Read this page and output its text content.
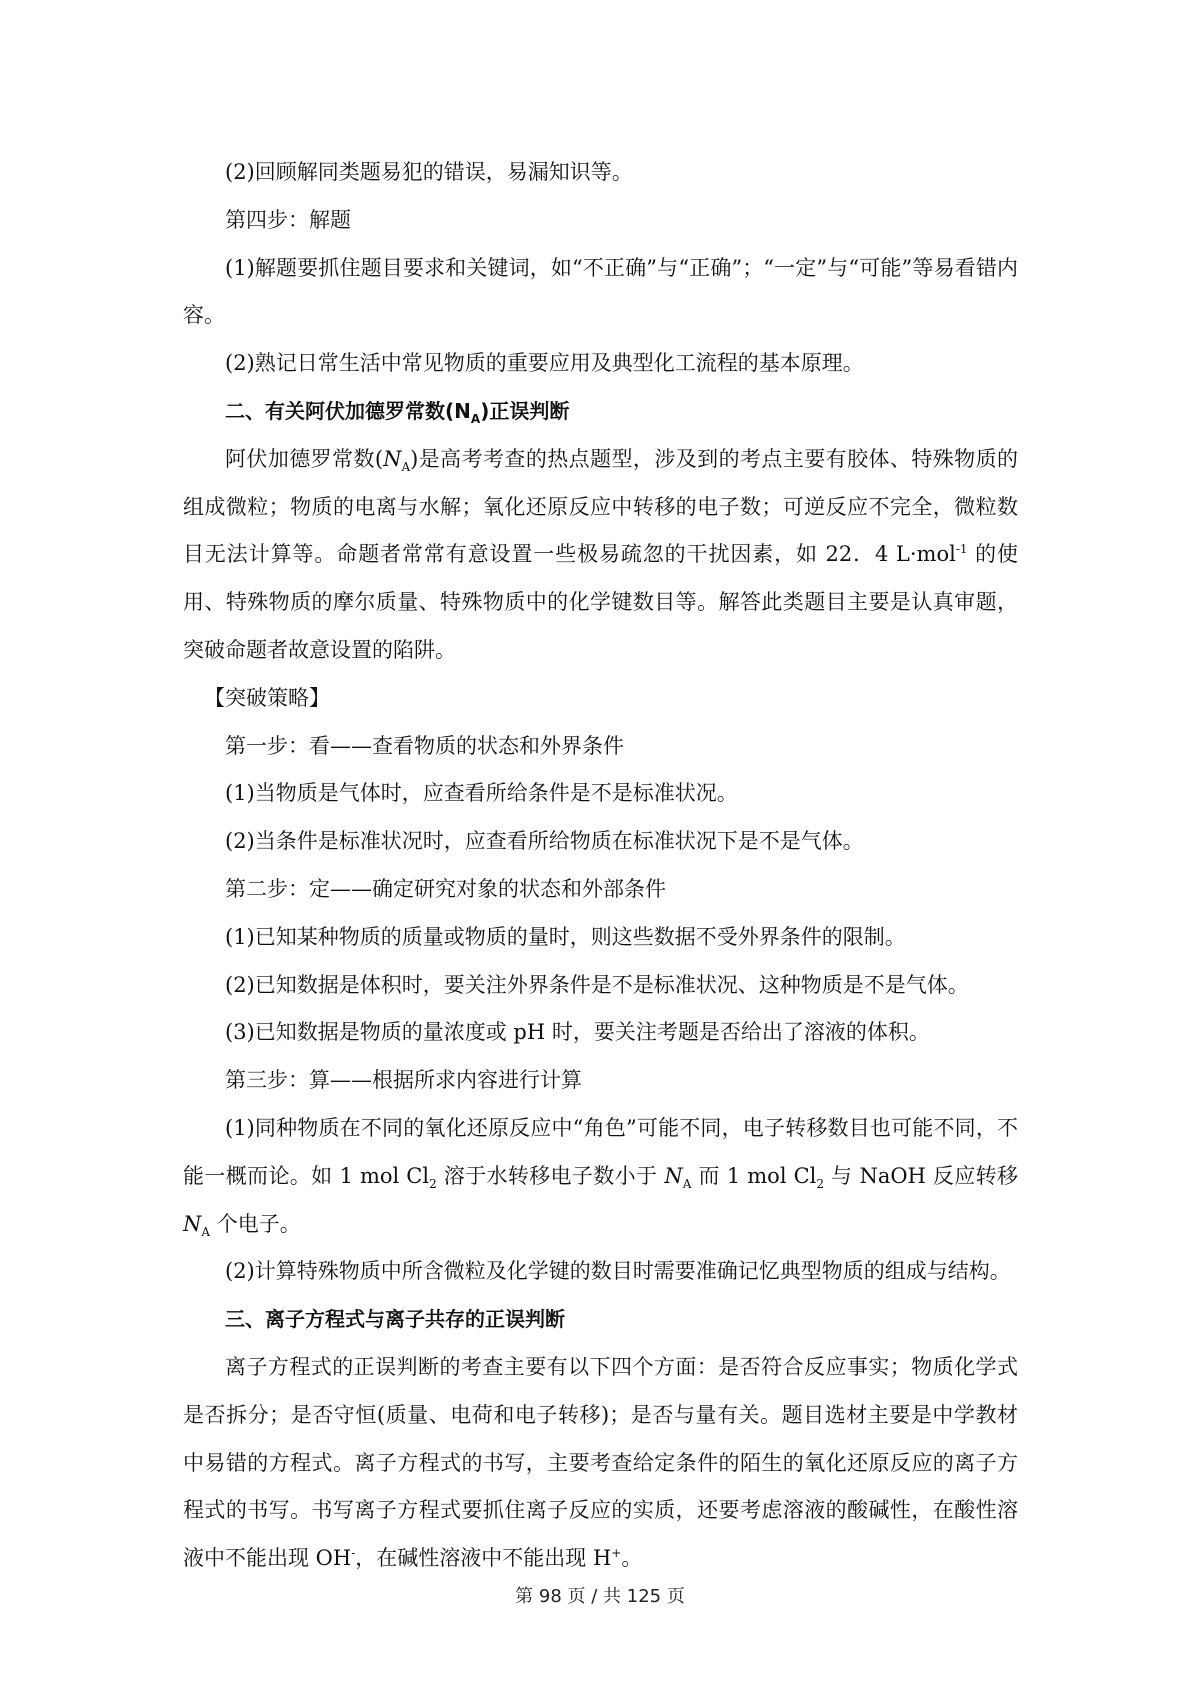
(2)回顾解同类题易犯的错误，易漏知识等。

第四步：解题

(1)解题要抓住题目要求和关键词，如“不正确”与“正确”；“一定”与“可能”等易看错内容。

(2)熟记日常生活中常见物质的重要应用及典型化工流程的基本原理。

二、有关阿伏加德罗常数$(N_A)$正误判断

阿伏加德罗常数$(N_A)$是高考考查的热点题型，涉及到的考点主要有胶体、特殊物质的组成微粒；物质的电离与水解；氧化还原反应中转移的电子数；可逆反应不完全，微粒数目无法计算等。命题者常常有意设置一些极易疏忽的干扰因素，如 22．4 L·mol$^{-1}$ 的使用、特殊物质的摩尔质量、特殊物质中的化学键数目等。解答此类题目主要是认真审题，突破命题者故意设置的陷阱。

【突破策略】

第一步：看——查看物质的状态和外界条件

(1)当物质是气体时，应查看所给条件是不是标准状况。

(2)当条件是标准状况时，应查看所给物质在标准状况下是不是气体。

第二步：定——确定研究对象的状态和外部条件

(1)已知某种物质的质量或物质的量时，则这些数据不受外界条件的限制。

(2)已知数据是体积时，要关注外界条件是不是标准状况、这种物质是不是气体。

(3)已知数据是物质的量浓度或 pH 时，要关注考题是否给出了溶液的体积。

第三步：算——根据所求内容进行计算

(1)同种物质在不同的氧化还原反应中“角色”可能不同，电子转移数目也可能不同，不能一概而论。如 1 mol $Cl_2$ 溶于水转移电子数小于 $N_A$ 而 1 mol $Cl_2$ 与 NaOH 反应转移 $N_A$ 个电子。

(2)计算特殊物质中所含微粒及化学键的数目时需要准确记忆典型物质的组成与结构。

三、离子方程式与离子共存的正误判断

离子方程式的正误判断的考查主要有以下四个方面：是否符合反应事实；物质化学式是否拆分；是否守恒(质量、电荷和电子转移)；是否与量有关。题目选材主要是中学教材中易错的方程式。离子方程式的书写，主要考查给定条件的陌生的氧化还原反应的离子方程式的书写。书写离子方程式要抓住离子反应的实质，还要考虑溶液的酸碱性，在酸性溶液中不能出现 OH-，在碱性溶液中不能出现 H+。

第 98 页 / 共 125 页
